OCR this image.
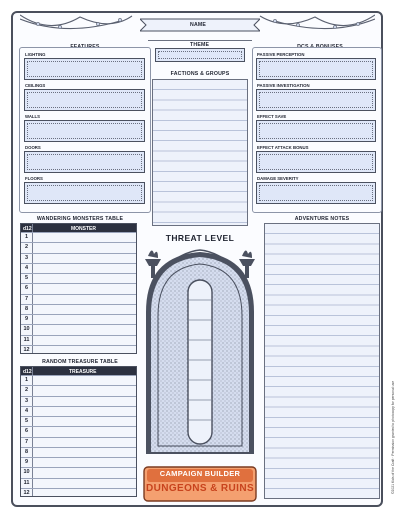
NAME
THEME
FEATURES
LIGHTING
CEILINGS
WALLS
DOORS
FLOORS
FACTIONS & GROUPS
DCS & BONUSES
PASSIVE PERCEPTION
PASSIVE INVESTIGATION
EFFECT SAVE
EFFECT ATTACK BONUS
DAMAGE SEVERITY
WANDERING MONSTERS TABLE
d12	MONSTER
1
2
3
4
5
6
7
8
9
10
11
12
RANDOM TREASURE TABLE
d12	TREASURE
1
2
3
4
5
6
7
8
9
10
11
12
THREAT LEVEL
CAMPAIGN BUILDER
DUNGEONS & RUINS
ADVENTURE NOTES
©2021 Kids of the Craft · Permission granted to photocopy for personal use
